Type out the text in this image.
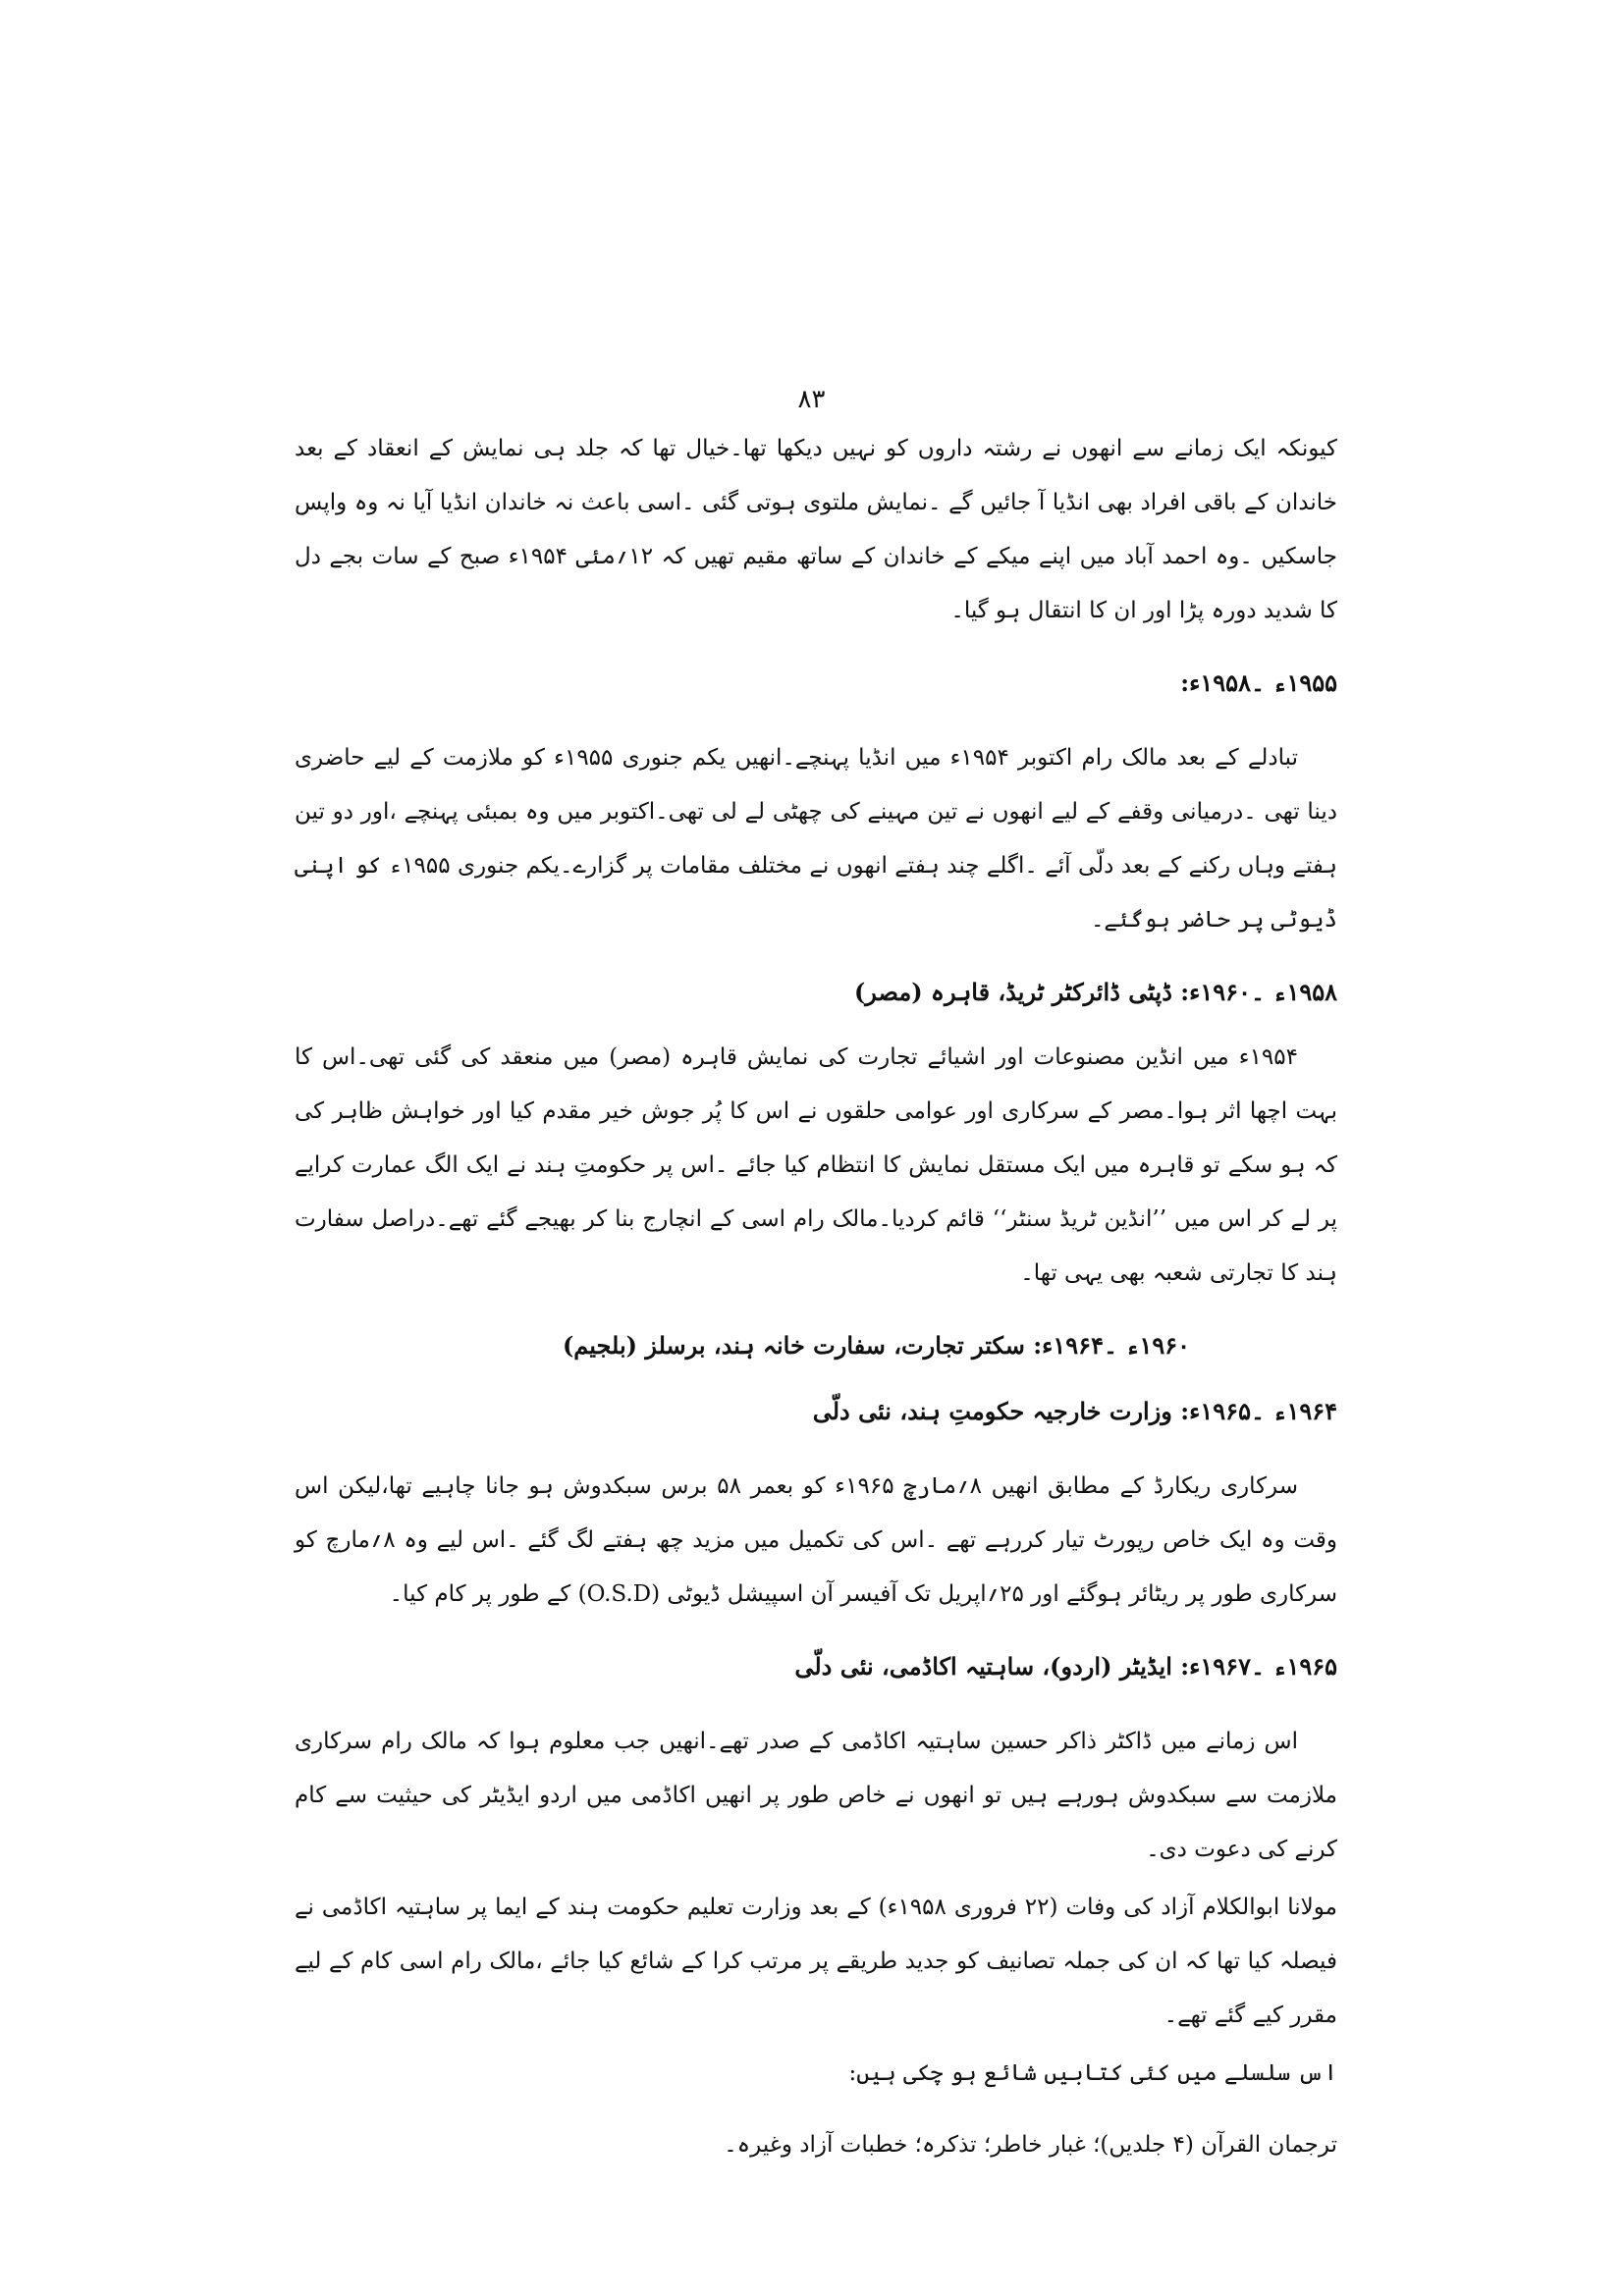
۸۳

کیونکہ ایک زمانے سے انھوں نے رشتہ داروں کو نہیں دیکھا تھا۔خیال تھا کہ جلد ہی نمایش کے انعقاد کے بعد خاندان کے باقی افراد بھی انڈیا آ جائیں گے ۔نمایش ملتوی ہوتی گئی ۔اسی باعث نہ خاندان انڈیا آیا نہ وہ واپس جاسکیں ۔وہ احمد آباد میں اپنے میکے کے خاندان کے ساتھ مقیم تھیں کہ ۱۲؍مئی ۱۹۵۴ء صبح کے سات بجے دل کا شدید دورہ پڑا اور ان کا انتقال ہو گیا۔

۱۹۵۵ء ۔۱۹۵۸ء:

تبادلے کے بعد مالک رام اکتوبر ۱۹۵۴ء میں انڈیا پہنچے۔انھیں یکم جنوری ۱۹۵۵ء کو ملازمت کے لیے حاضری دینا تھی ۔درمیانی وقفے کے لیے انھوں نے تین مہینے کی چھٹی لے لی تھی۔اکتوبر میں وہ بمبئی پہنچے ،اور دو تین ہفتے وہاں رکنے کے بعد دلّی آئے ۔اگلے چند ہفتے انھوں نے مختلف مقامات پر گزارے۔یکم جنوری ۱۹۵۵ء کو اپنی ڈیوٹی پر حاضر ہوگئے۔

۱۹۵۸ء ۔۱۹۶۰ء: ڈپٹی ڈائرکٹر ٹریڈ، قاہرہ (مصر)

۱۹۵۴ء میں انڈین مصنوعات اور اشیائے تجارت کی نمایش قاہرہ (مصر) میں منعقد کی گئی تھی۔اس کا بہت اچھا اثر ہوا۔مصر کے سرکاری اور عوامی حلقوں نے اس کا پُر جوش خیر مقدم کیا اور خواہش ظاہر کی کہ ہو سکے تو قاہرہ میں ایک مستقل نمایش کا انتظام کیا جائے ۔اس پر حکومتِ ہند نے ایک الگ عمارت کرایے پر لے کر اس میں ’’انڈین ٹریڈ سنٹر‘‘ قائم کردیا۔مالک رام اسی کے انچارج بنا کر بھیجے گئے تھے۔دراصل سفارت ہند کا تجارتی شعبہ بھی یہی تھا۔

۱۹۶۰ء ۔۱۹۶۴ء: سکتر تجارت، سفارت خانہ ہند، برسلز (بلجیم)

۱۹۶۴ء ۔۱۹۶۵ء: وزارت خارجیہ حکومتِ ہند، نئی دلّی

سرکاری ریکارڈ کے مطابق انھیں ۸؍مارچ ۱۹۶۵ء کو بعمر ۵۸ برس سبکدوش ہو جانا چاہیے تھا،لیکن اس وقت وہ ایک خاص رپورٹ تیار کررہے تھے ۔اس کی تکمیل میں مزید چھ ہفتے لگ گئے ۔اس لیے وہ ۸؍مارچ کو سرکاری طور پر ریٹائر ہوگئے اور ۲۵؍اپریل تک آفیسر آن اسپیشل ڈیوٹی (O.S.D) کے طور پر کام کیا۔

۱۹۶۵ء ۔۱۹۶۷ء: ایڈیٹر (اردو)، ساہتیہ اکاڈمی، نئی دلّی

اس زمانے میں ڈاکٹر ذاکر حسین ساہتیہ اکاڈمی کے صدر تھے۔انھیں جب معلوم ہوا کہ مالک رام سرکاری ملازمت سے سبکدوش ہورہے ہیں تو انھوں نے خاص طور پر انھیں اکاڈمی میں اردو ایڈیٹر کی حیثیت سے کام کرنے کی دعوت دی۔

مولانا ابوالکلام آزاد کی وفات (۲۲ فروری ۱۹۵۸ء) کے بعد وزارت تعلیم حکومت ہند کے ایما پر ساہتیہ اکاڈمی نے فیصلہ کیا تھا کہ ان کی جملہ تصانیف کو جدید طریقے پر مرتب کرا کے شائع کیا جائے ،مالک رام اسی کام کے لیے مقرر کیے گئے تھے۔

اس سلسلے میں کئی کتابیں شائع ہو چکی ہیں:

ترجمان القرآن (۴ جلدیں)؛ غبار خاطر؛ تذکرہ؛ خطبات آزاد وغیرہ۔
